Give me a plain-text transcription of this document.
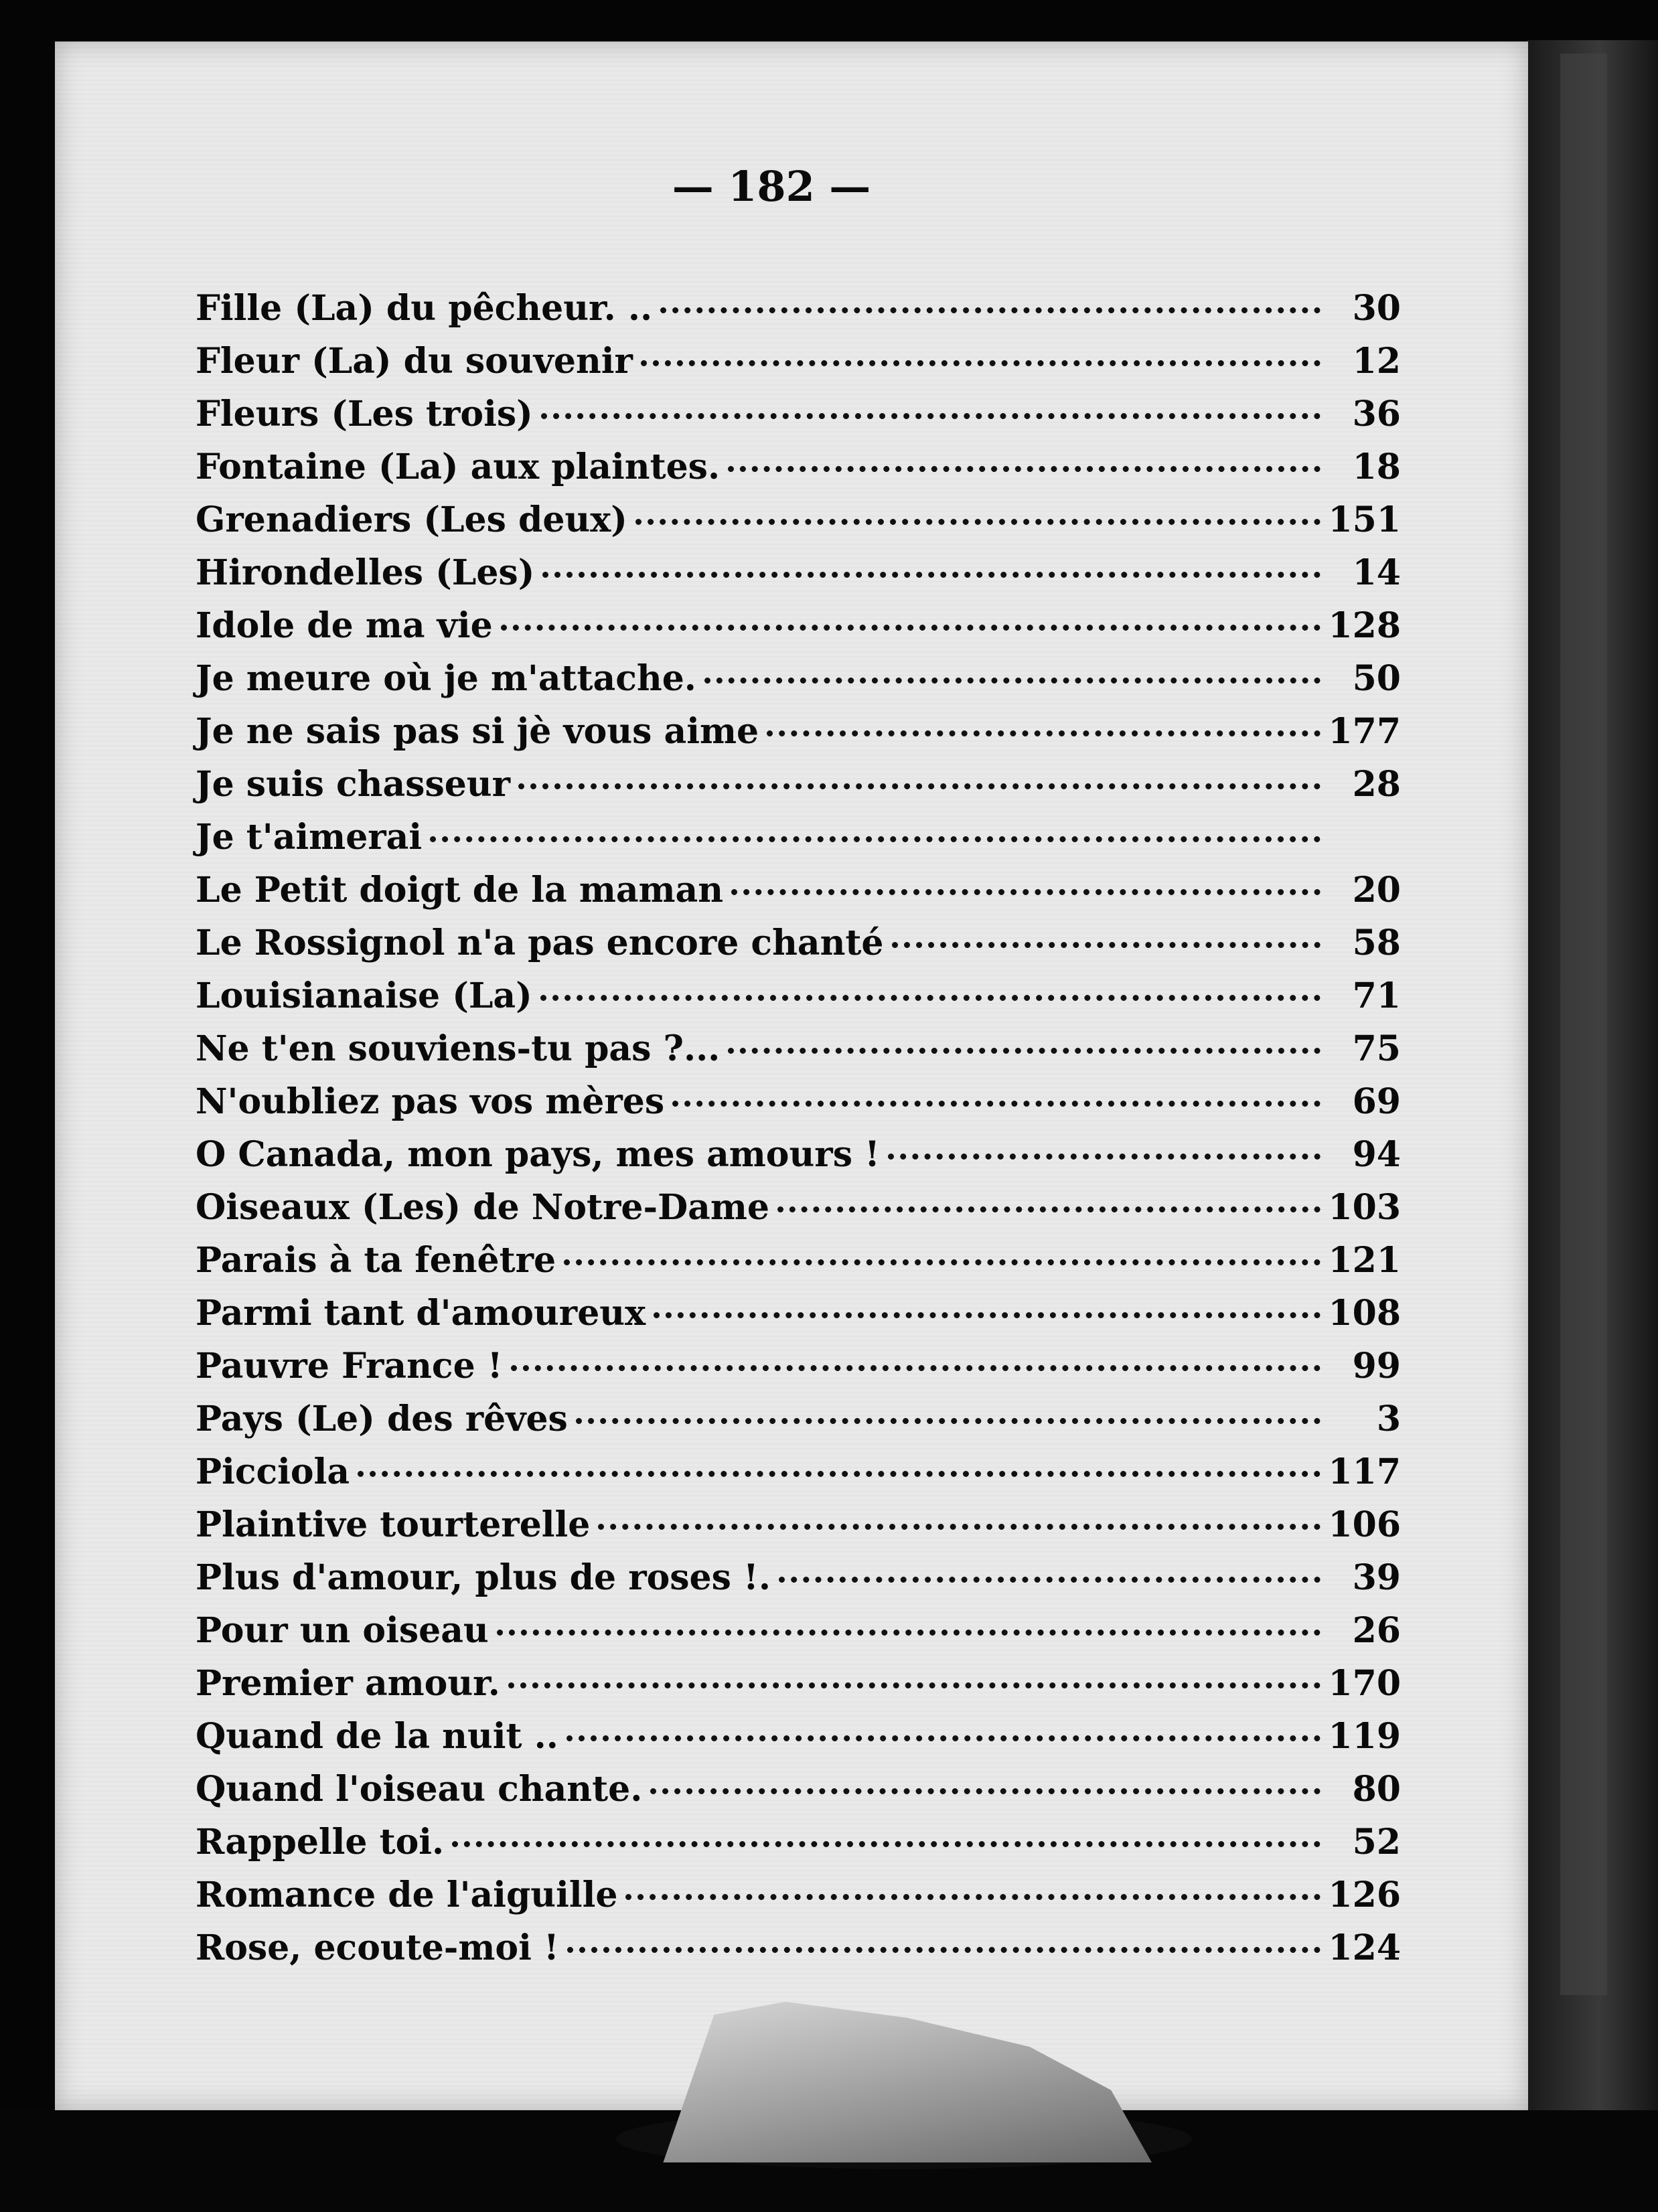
— 182 —
Fille (La) du pêcheur. ..	30
Fleur (La) du souvenir	12
Fleurs (Les trois)	36
Fontaine (La) aux plaintes.	18
Grenadiers (Les deux)	151
Hirondelles (Les)	14
Idole de ma vie	128
Je meure où je m'attache.	50
Je ne sais pas si jè vous aime	177
Je suis chasseur	28
Je t'aimerai
Le Petit doigt de la maman	20
Le Rossignol n'a pas encore chanté	58
Louisianaise (La)	71
Ne t'en souviens-tu pas ?...	75
N'oubliez pas vos mères	69
O Canada, mon pays, mes amours !	94
Oiseaux (Les) de Notre-Dame	103
Parais à ta fenêtre	121
Parmi tant d'amoureux	108
Pauvre France !	99
Pays (Le) des rêves	3
Picciola	117
Plaintive tourterelle	106
Plus d'amour, plus de roses !.	39
Pour un oiseau	26
Premier amour.	170
Quand de la nuit ..	119
Quand l'oiseau chante.	80
Rappelle toi.	52
Romance de l'aiguille	126
Rose, ecoute-moi !	124
